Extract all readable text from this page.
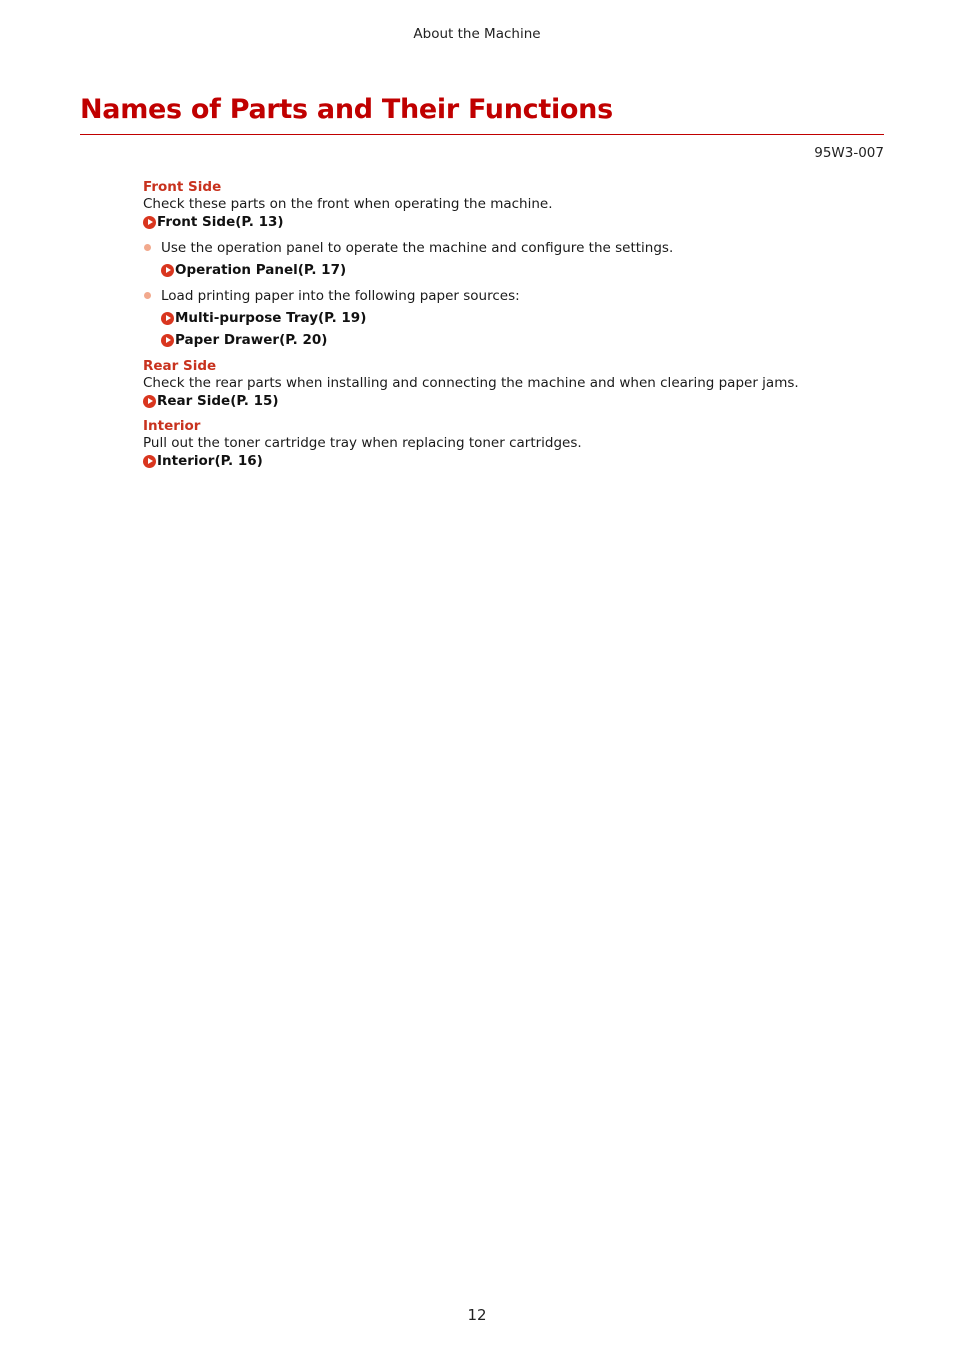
About the Machine
Names of Parts and Their Functions
95W3-007
Front Side
Check these parts on the front when operating the machine.
Front Side(P. 13)
Use the operation panel to operate the machine and configure the settings.
Operation Panel(P. 17)
Load printing paper into the following paper sources:
Multi-purpose Tray(P. 19)
Paper Drawer(P. 20)
Rear Side
Check the rear parts when installing and connecting the machine and when clearing paper jams.
Rear Side(P. 15)
Interior
Pull out the toner cartridge tray when replacing toner cartridges.
Interior(P. 16)
12
